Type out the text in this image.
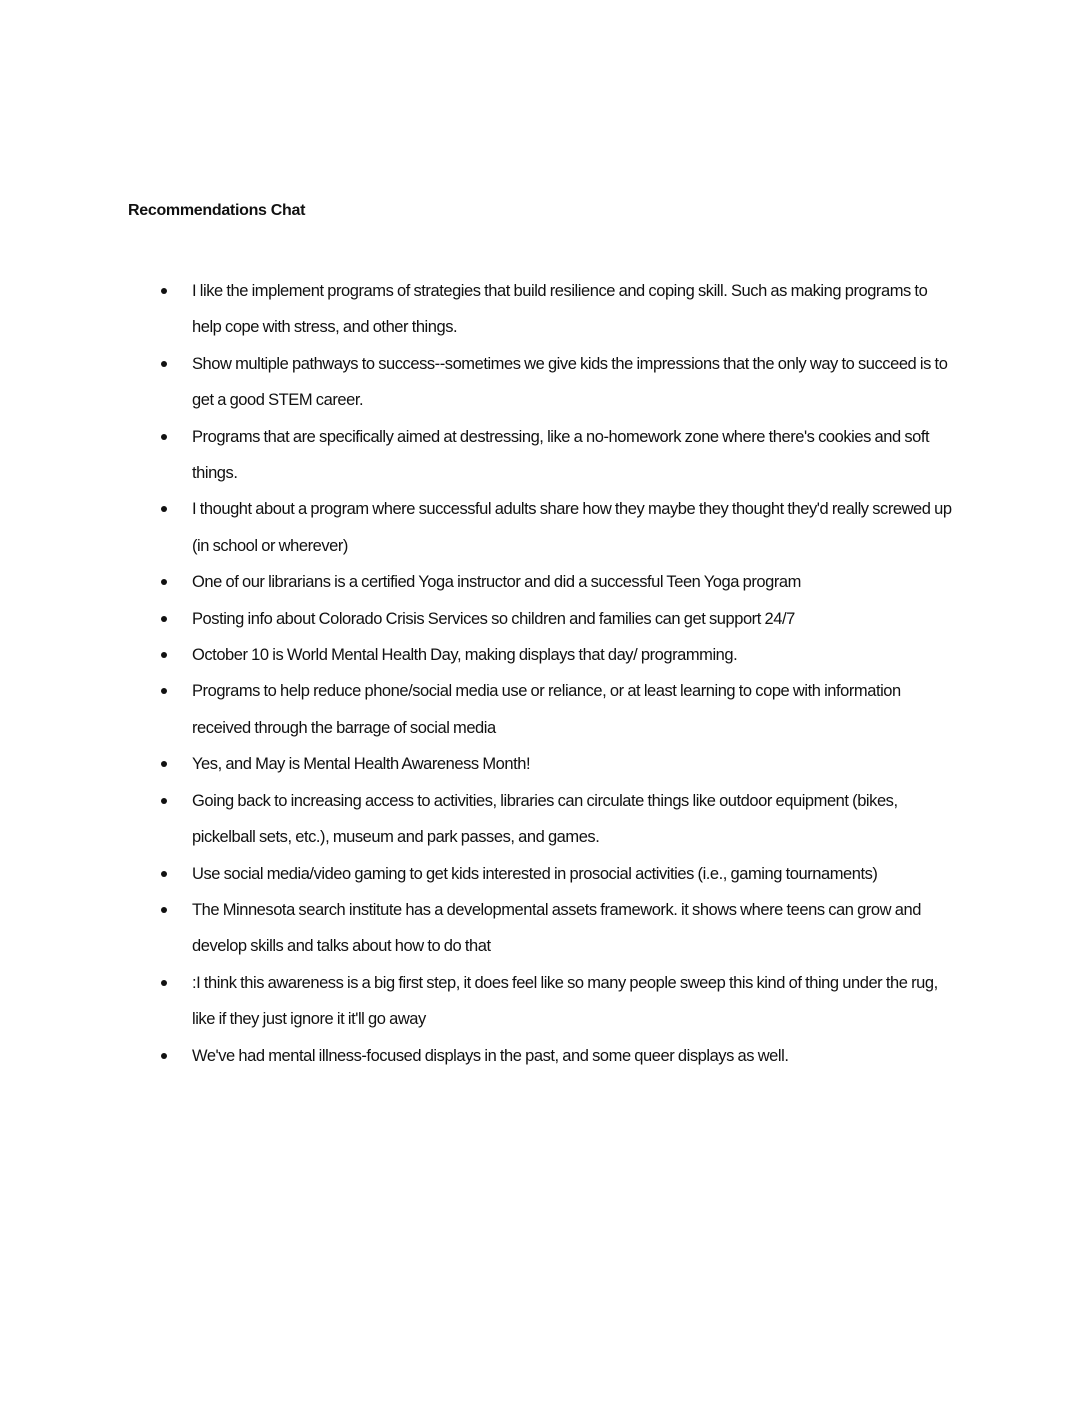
Recommendations Chat
I like the implement programs of strategies that build resilience and coping skill. Such as making programs to help cope with stress, and other things.
Show multiple pathways to success--sometimes we give kids the impressions that the only way to succeed is to get a good STEM career.
Programs that are specifically aimed at destressing, like a no-homework zone where there's cookies and soft things.
I thought about a program where successful adults share how they maybe they thought they'd really screwed up (in school or wherever)
One of our librarians is a certified Yoga instructor and did a successful Teen Yoga program
Posting info about Colorado Crisis Services so children and families can get support 24/7
October 10 is World Mental Health Day, making displays that day/ programming.
Programs to help reduce phone/social media use or reliance, or at least learning to cope with information received through the barrage of social media
Yes, and May is Mental Health Awareness Month!
Going back to increasing access to activities, libraries can circulate things like outdoor equipment (bikes, pickelball sets, etc.), museum and park passes, and games.
Use social media/video gaming to get kids interested in prosocial activities (i.e., gaming tournaments)
The Minnesota search institute has a developmental assets framework. it shows where teens can grow and develop skills and talks about how to do that
:I think this awareness is a big first step, it does feel like so many people sweep this kind of thing under the rug, like if they just ignore it it'll go away
We've had mental illness-focused displays in the past, and some queer displays as well.
